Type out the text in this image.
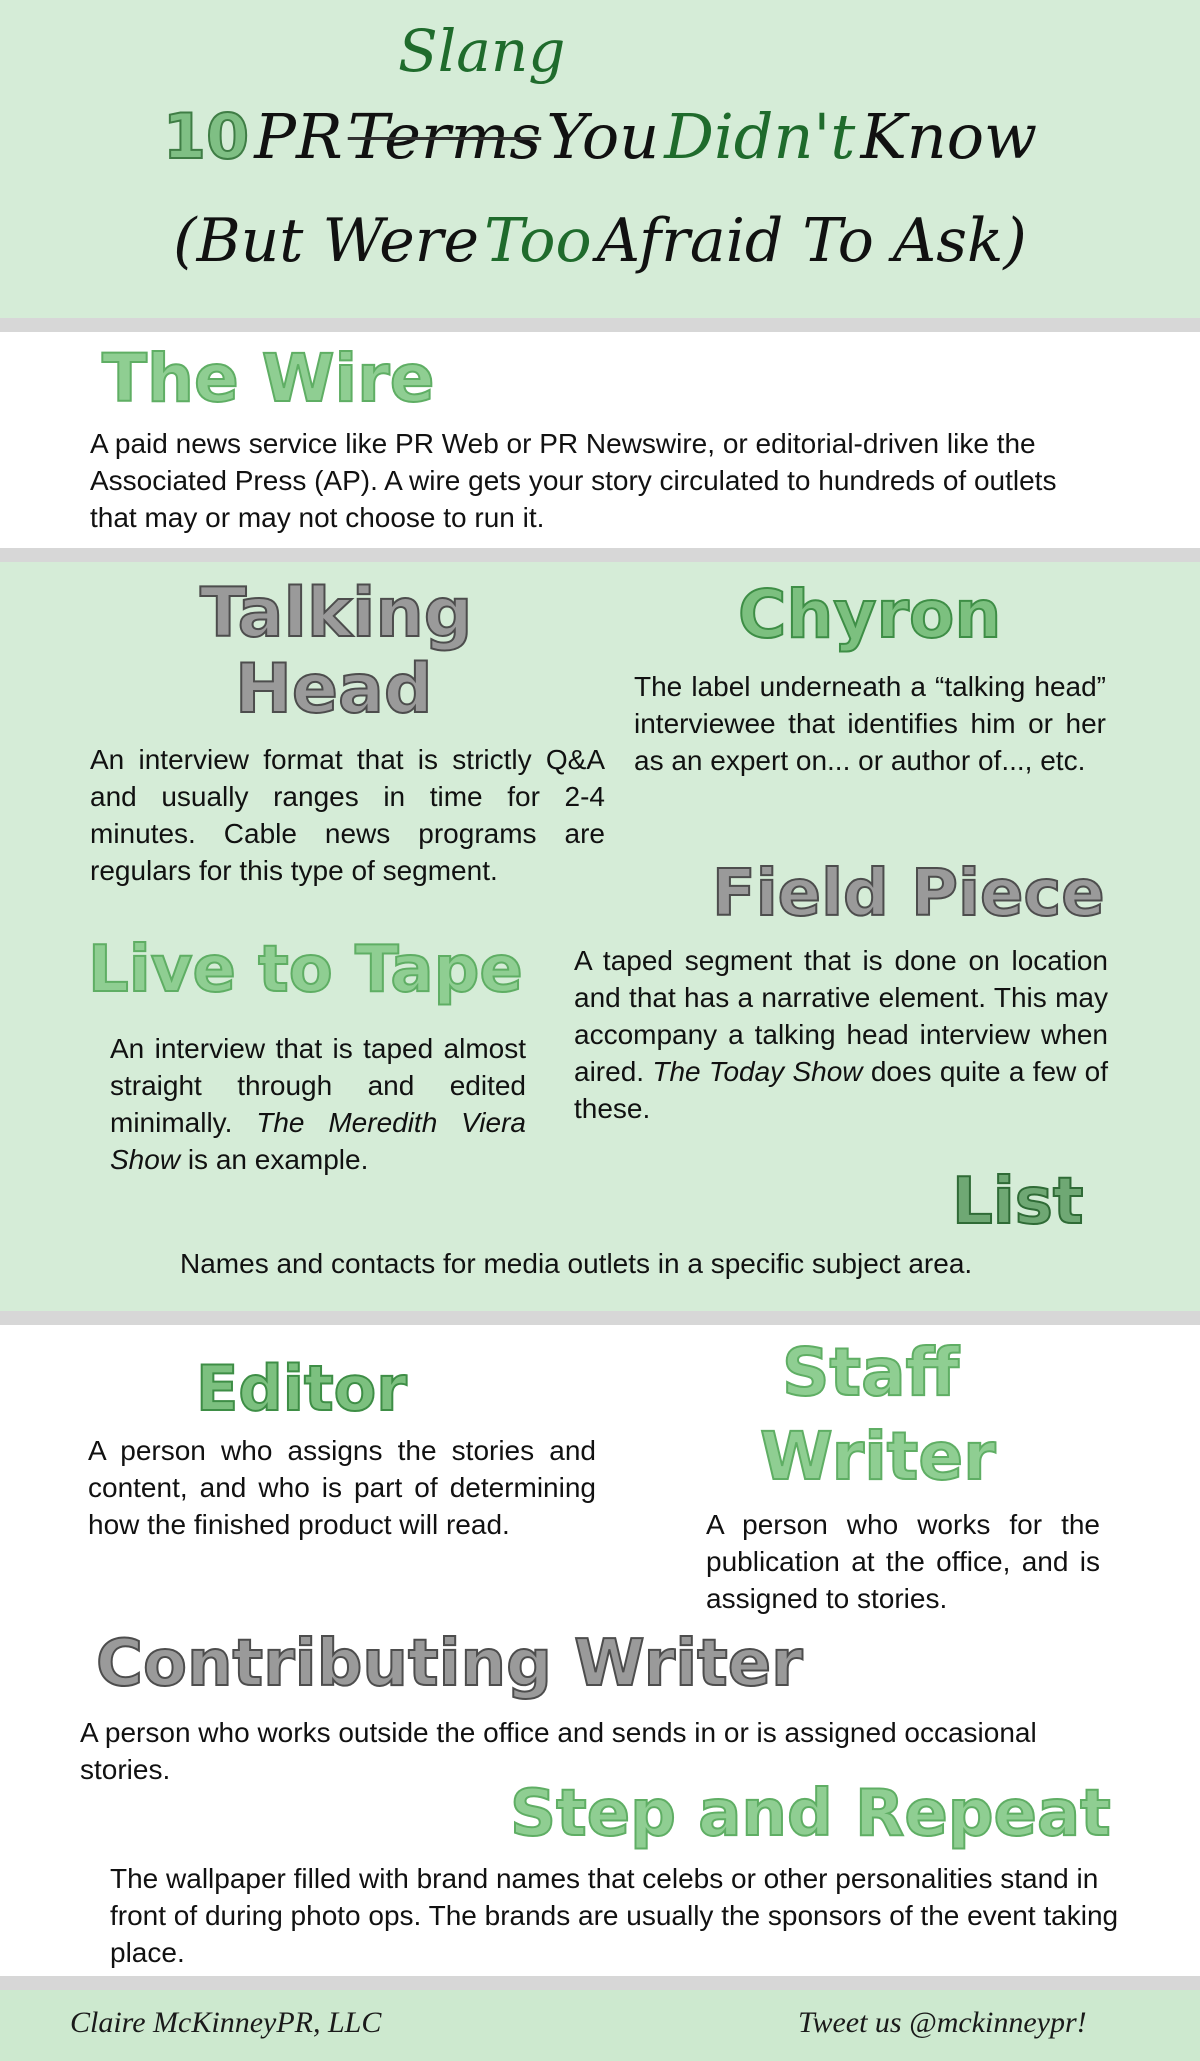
Slang
10 PR Terms You Didn't Know
(But Were Too Afraid To Ask)
The Wire
A paid news service like PR Web or PR Newswire, or editorial-driven like the Associated Press (AP). A wire gets your story circulated to hundreds of outlets that may or may not choose to run it.
Talking
Head
An interview format that is strictly Q&A and usually ranges in time for 2-4 minutes. Cable news programs are regulars for this type of segment.
Chyron
The label underneath a “talking head” interviewee that identifies him or her as an expert on... or author of..., etc.
Field Piece
A taped segment that is done on location and that has a narrative element. This may accompany a talking head interview when aired. The Today Show does quite a few of these.
Live to Tape
An interview that is taped almost straight through and edited minimally. The Meredith Viera Show is an example.
List
Names and contacts for media outlets in a specific subject area.
Editor
A person who assigns the stories and content, and who is part of determining how the finished product will read.
Staff
Writer
A person who works for the publication at the office, and is assigned to stories.
Contributing Writer
A person who works outside the office and sends in or is assigned occasional stories.
Step and Repeat
The wallpaper filled with brand names that celebs or other personalities stand in front of during photo ops. The brands are usually the sponsors of the event taking place.
Claire McKinneyPR, LLC	Tweet us @mckinneypr!
